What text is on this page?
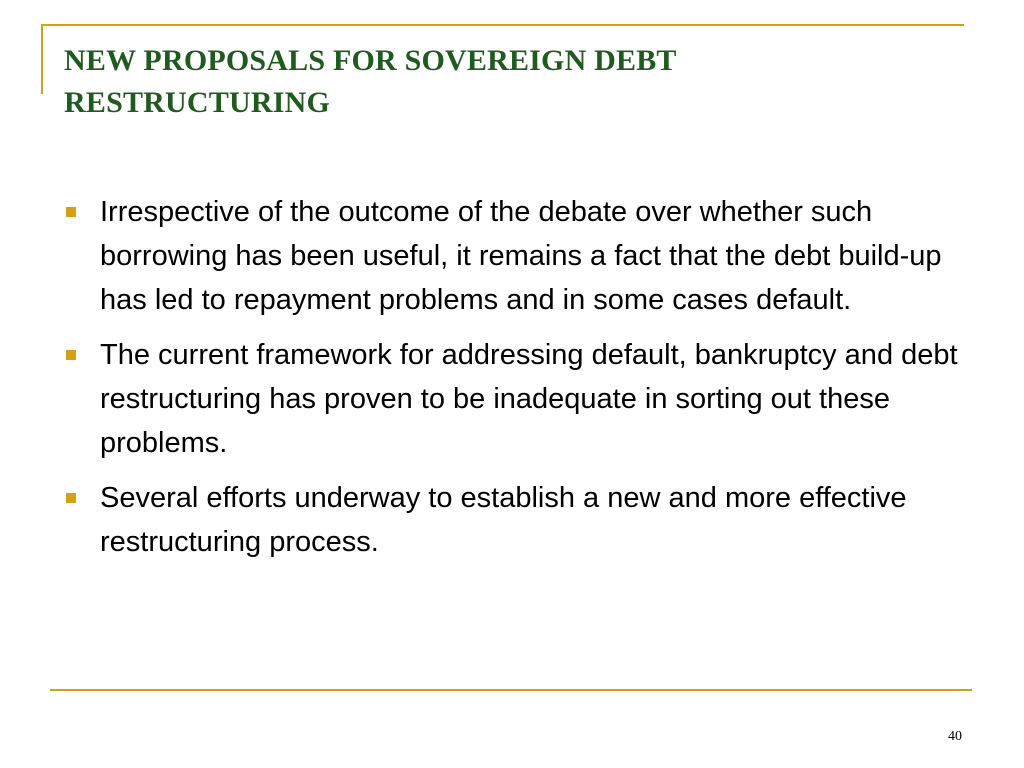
NEW PROPOSALS FOR SOVEREIGN DEBT
RESTRUCTURING
Irrespective of the outcome of the debate over whether such borrowing has been useful, it remains a fact that the debt build-up has led to repayment problems and in some cases default.
The current framework for addressing default, bankruptcy and debt restructuring has proven to be inadequate in sorting out these problems.
Several efforts underway to establish a new and more effective restructuring process.
40
